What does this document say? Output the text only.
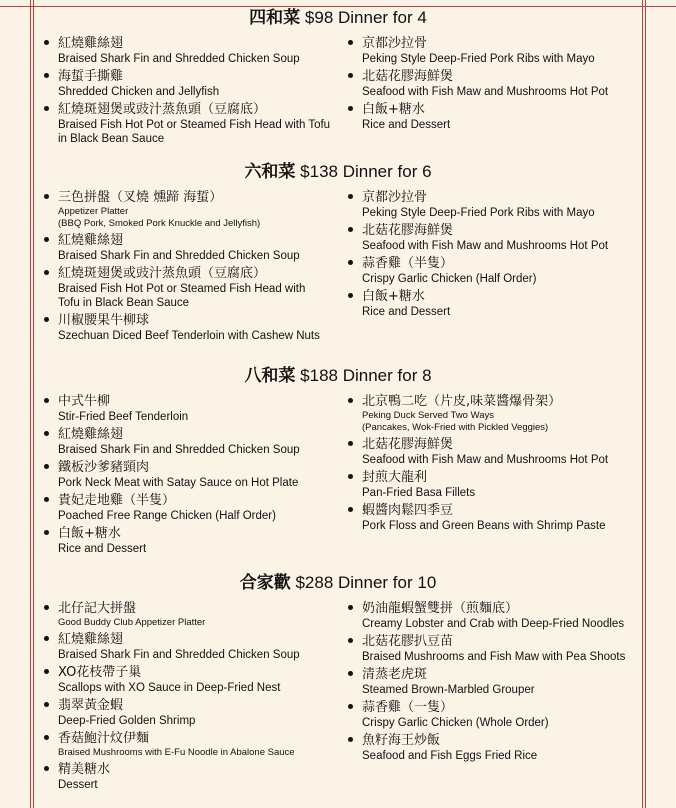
四和菜 $98 Dinner for 4
紅燒雞絲翅
Braised Shark Fin and Shredded Chicken Soup
海蜇手撕雞
Shredded Chicken and Jellyfish
紅燒斑翅煲或豉汁蒸魚頭（豆腐底）
Braised Fish Hot Pot or Steamed Fish Head with Tofu
in Black Bean Sauce
京都沙拉骨
Peking Style Deep-Fried Pork Ribs with Mayo
北菇花膠海鮮煲
Seafood with Fish Maw and Mushrooms Hot Pot
白飯+糖水
Rice and Dessert
六和菜 $138 Dinner for 6
三色拼盤（叉燒 燻蹄 海蜇）
Appetizer Platter
(BBQ Pork, Smoked Pork Knuckle and Jellyfish)
紅燒雞絲翅
Braised Shark Fin and Shredded Chicken Soup
紅燒斑翅煲或豉汁蒸魚頭（豆腐底）
Braised Fish Hot Pot or Steamed Fish Head with
Tofu in Black Bean Sauce
川椒腰果牛柳球
Szechuan Diced Beef Tenderloin with Cashew Nuts
京都沙拉骨
Peking Style Deep-Fried Pork Ribs with Mayo
北菇花膠海鮮煲
Seafood with Fish Maw and Mushrooms Hot Pot
蒜香雞（半隻）
Crispy Garlic Chicken (Half Order)
白飯+糖水
Rice and Dessert
八和菜 $188 Dinner for 8
中式牛柳
Stir-Fried Beef Tenderloin
紅燒雞絲翅
Braised Shark Fin and Shredded Chicken Soup
鐵板沙爹豬頸肉
Pork Neck Meat with Satay Sauce on Hot Plate
貴妃走地雞（半隻）
Poached Free Range Chicken (Half Order)
白飯+糖水
Rice and Dessert
北京鴨二吃（片皮,味菜醬爆骨架）
Peking Duck Served Two Ways
(Pancakes, Wok-Fried with Pickled Veggies)
北菇花膠海鮮煲
Seafood with Fish Maw and Mushrooms Hot Pot
封煎大龍利
Pan-Fried Basa Fillets
蝦醬肉鬆四季豆
Pork Floss and Green Beans with Shrimp Paste
合家歡 $288 Dinner for 10
北仔記大拼盤
Good Buddy Club Appetizer Platter
紅燒雞絲翅
Braised Shark Fin and Shredded Chicken Soup
XO花枝帶子巢
Scallops with XO Sauce in Deep-Fried Nest
翡翠黃金蝦
Deep-Fried Golden Shrimp
香菇鮑汁炆伊麵
Braised Mushrooms with E-Fu Noodle in Abalone Sauce
精美糖水
Dessert
奶油龍蝦蟹雙拼（煎麵底）
Creamy Lobster and Crab with Deep-Fried Noodles
北菇花膠扒豆苗
Braised Mushrooms and Fish Maw with Pea Shoots
清蒸老虎斑
Steamed Brown-Marbled Grouper
蒜香雞（一隻）
Crispy Garlic Chicken (Whole Order)
魚籽海王炒飯
Seafood and Fish Eggs Fried Rice
